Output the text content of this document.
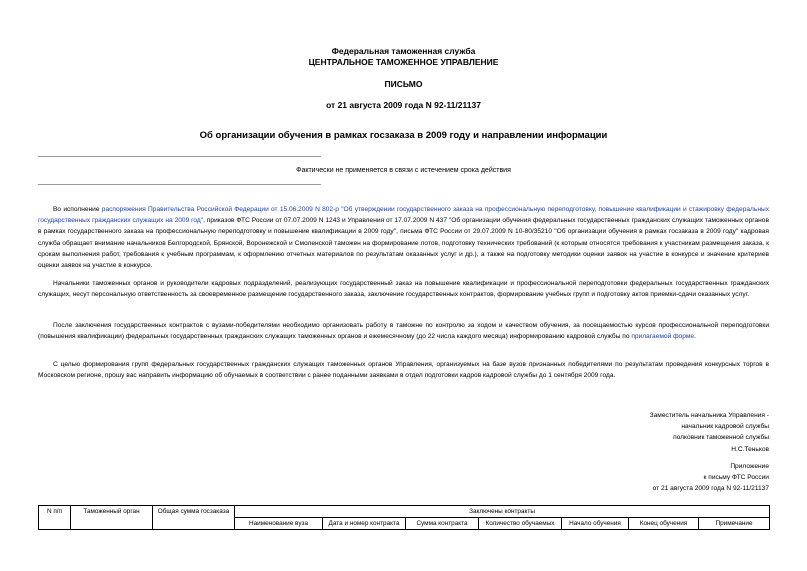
Федеральная таможенная служба
ЦЕНТРАЛЬНОЕ ТАМОЖЕННОЕ УПРАВЛЕНИЕ
ПИСЬМО
от 21 августа 2009 года N 92-11/21137
Об организации обучения в рамках госзаказа в 2009 году и направлении информации
Фактически не применяется в связи с истечением срока действия
Во исполнение распоряжения Правительства Российской Федерации от 15.06.2009 N 802-р "Об утверждении государственного заказа на профессиональную переподготовку, повышение квалификации и стажировку федеральных государственных гражданских служащих на 2009 год", приказов ФТС России от 07.07.2009 N 1243 и Управления от 17.07.2009 N 437 "Об организации обучения федеральных государственных гражданских служащих таможенных органов в рамках государственного заказа на профессиональную переподготовку и повышение квалификации в 2009 году", письма ФТС России от 29.07.2009 N 10-80/35210 "Об организации обучения в рамках госзаказа в 2009 году" кадровая служба обращает внимание начальников Белгородской, Брянской, Воронежской и Смоленской таможен на формирование лотов, подготовку технических требований (к которым относятся требования к участникам размещения заказа, к срокам выполнения работ, требования к учебным программам, к оформлению отчетных материалов по результатам оказанных услуг и др.), а также на подготовку методики оценки заявок на участие в конкурсе и значение критериев оценки заявок на участие в конкурсе.
Начальники таможенных органов и руководители кадровых подразделений, реализующих государственный заказ на повышение квалификации и профессиональной переподготовки федеральных государственных гражданских служащих, несут персональную ответственность за своевременное размещение государственного заказа, заключение государственных контрактов, формирование учебных групп и подготовку актов приемки-сдачи оказанных услуг.
После заключения государственных контрактов с вузами-победителями необходимо организовать работу в таможне по контролю за ходом и качеством обучения, за посещаемостью курсов профессиональной переподготовки (повышения квалификации) федеральных государственных гражданских служащих таможенных органов и ежемесячному (до 22 числа каждого месяца) информированию кадровой службы по прилагаемой форме.
С целью формирования групп федеральных государственных гражданских служащих таможенных органов Управления, организуемых на базе вузов признанных победителями по результатам проведения конкурсных торгов в Московском регионе, прошу вас направить информацию об обучаемых в соответствии с ранее поданными заявками в отдел подготовки кадров кадровой службы до 1 сентября 2009 года.
Заместитель начальника Управления -
начальник кадровой службы
полковник таможенной службы
Н.С.Теньков
Приложение
к письму ФТС России
от 21 августа 2009 года N 92-11/21137
N п/п	Таможенный орган	Общая сумма госзаказа	Заключены контракты						
			Наименование вуза	Дата и номер контракта	Сумма контракта	Количество обучаемых	Начало обучения	Конец обучения	Примечание
